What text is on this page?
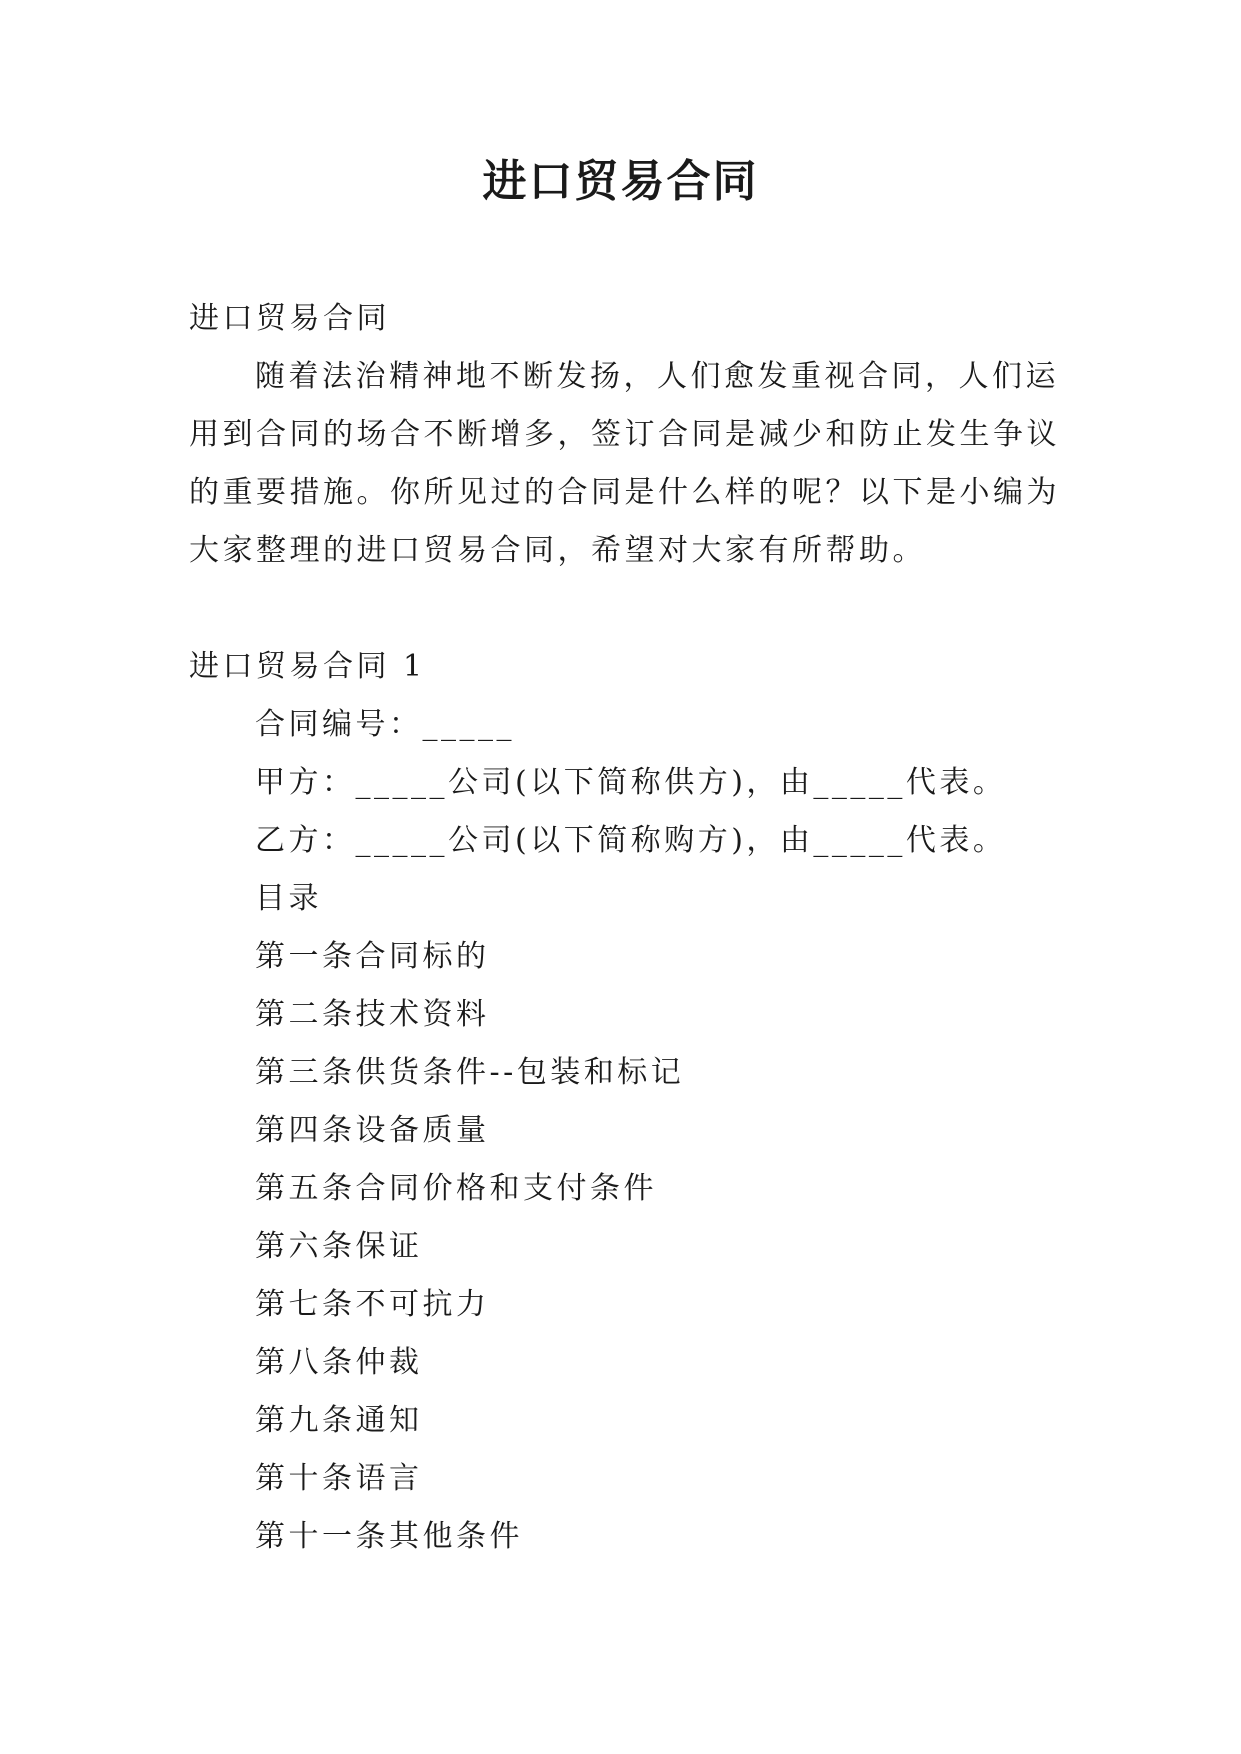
进口贸易合同

进口贸易合同

随着法治精神地不断发扬，人们愈发重视合同，人们运

用到合同的场合不断增多，签订合同是减少和防止发生争议

的重要措施。你所见过的合同是什么样的呢？以下是小编为

大家整理的进口贸易合同，希望对大家有所帮助。

进口贸易合同 1

合同编号：_____

甲方：_____公司(以下简称供方)，由_____代表。

乙方：_____公司(以下简称购方)，由_____代表。

目录

第一条合同标的

第二条技术资料

第三条供货条件--包装和标记

第四条设备质量

第五条合同价格和支付条件

第六条保证

第七条不可抗力

第八条仲裁

第九条通知

第十条语言

第十一条其他条件
